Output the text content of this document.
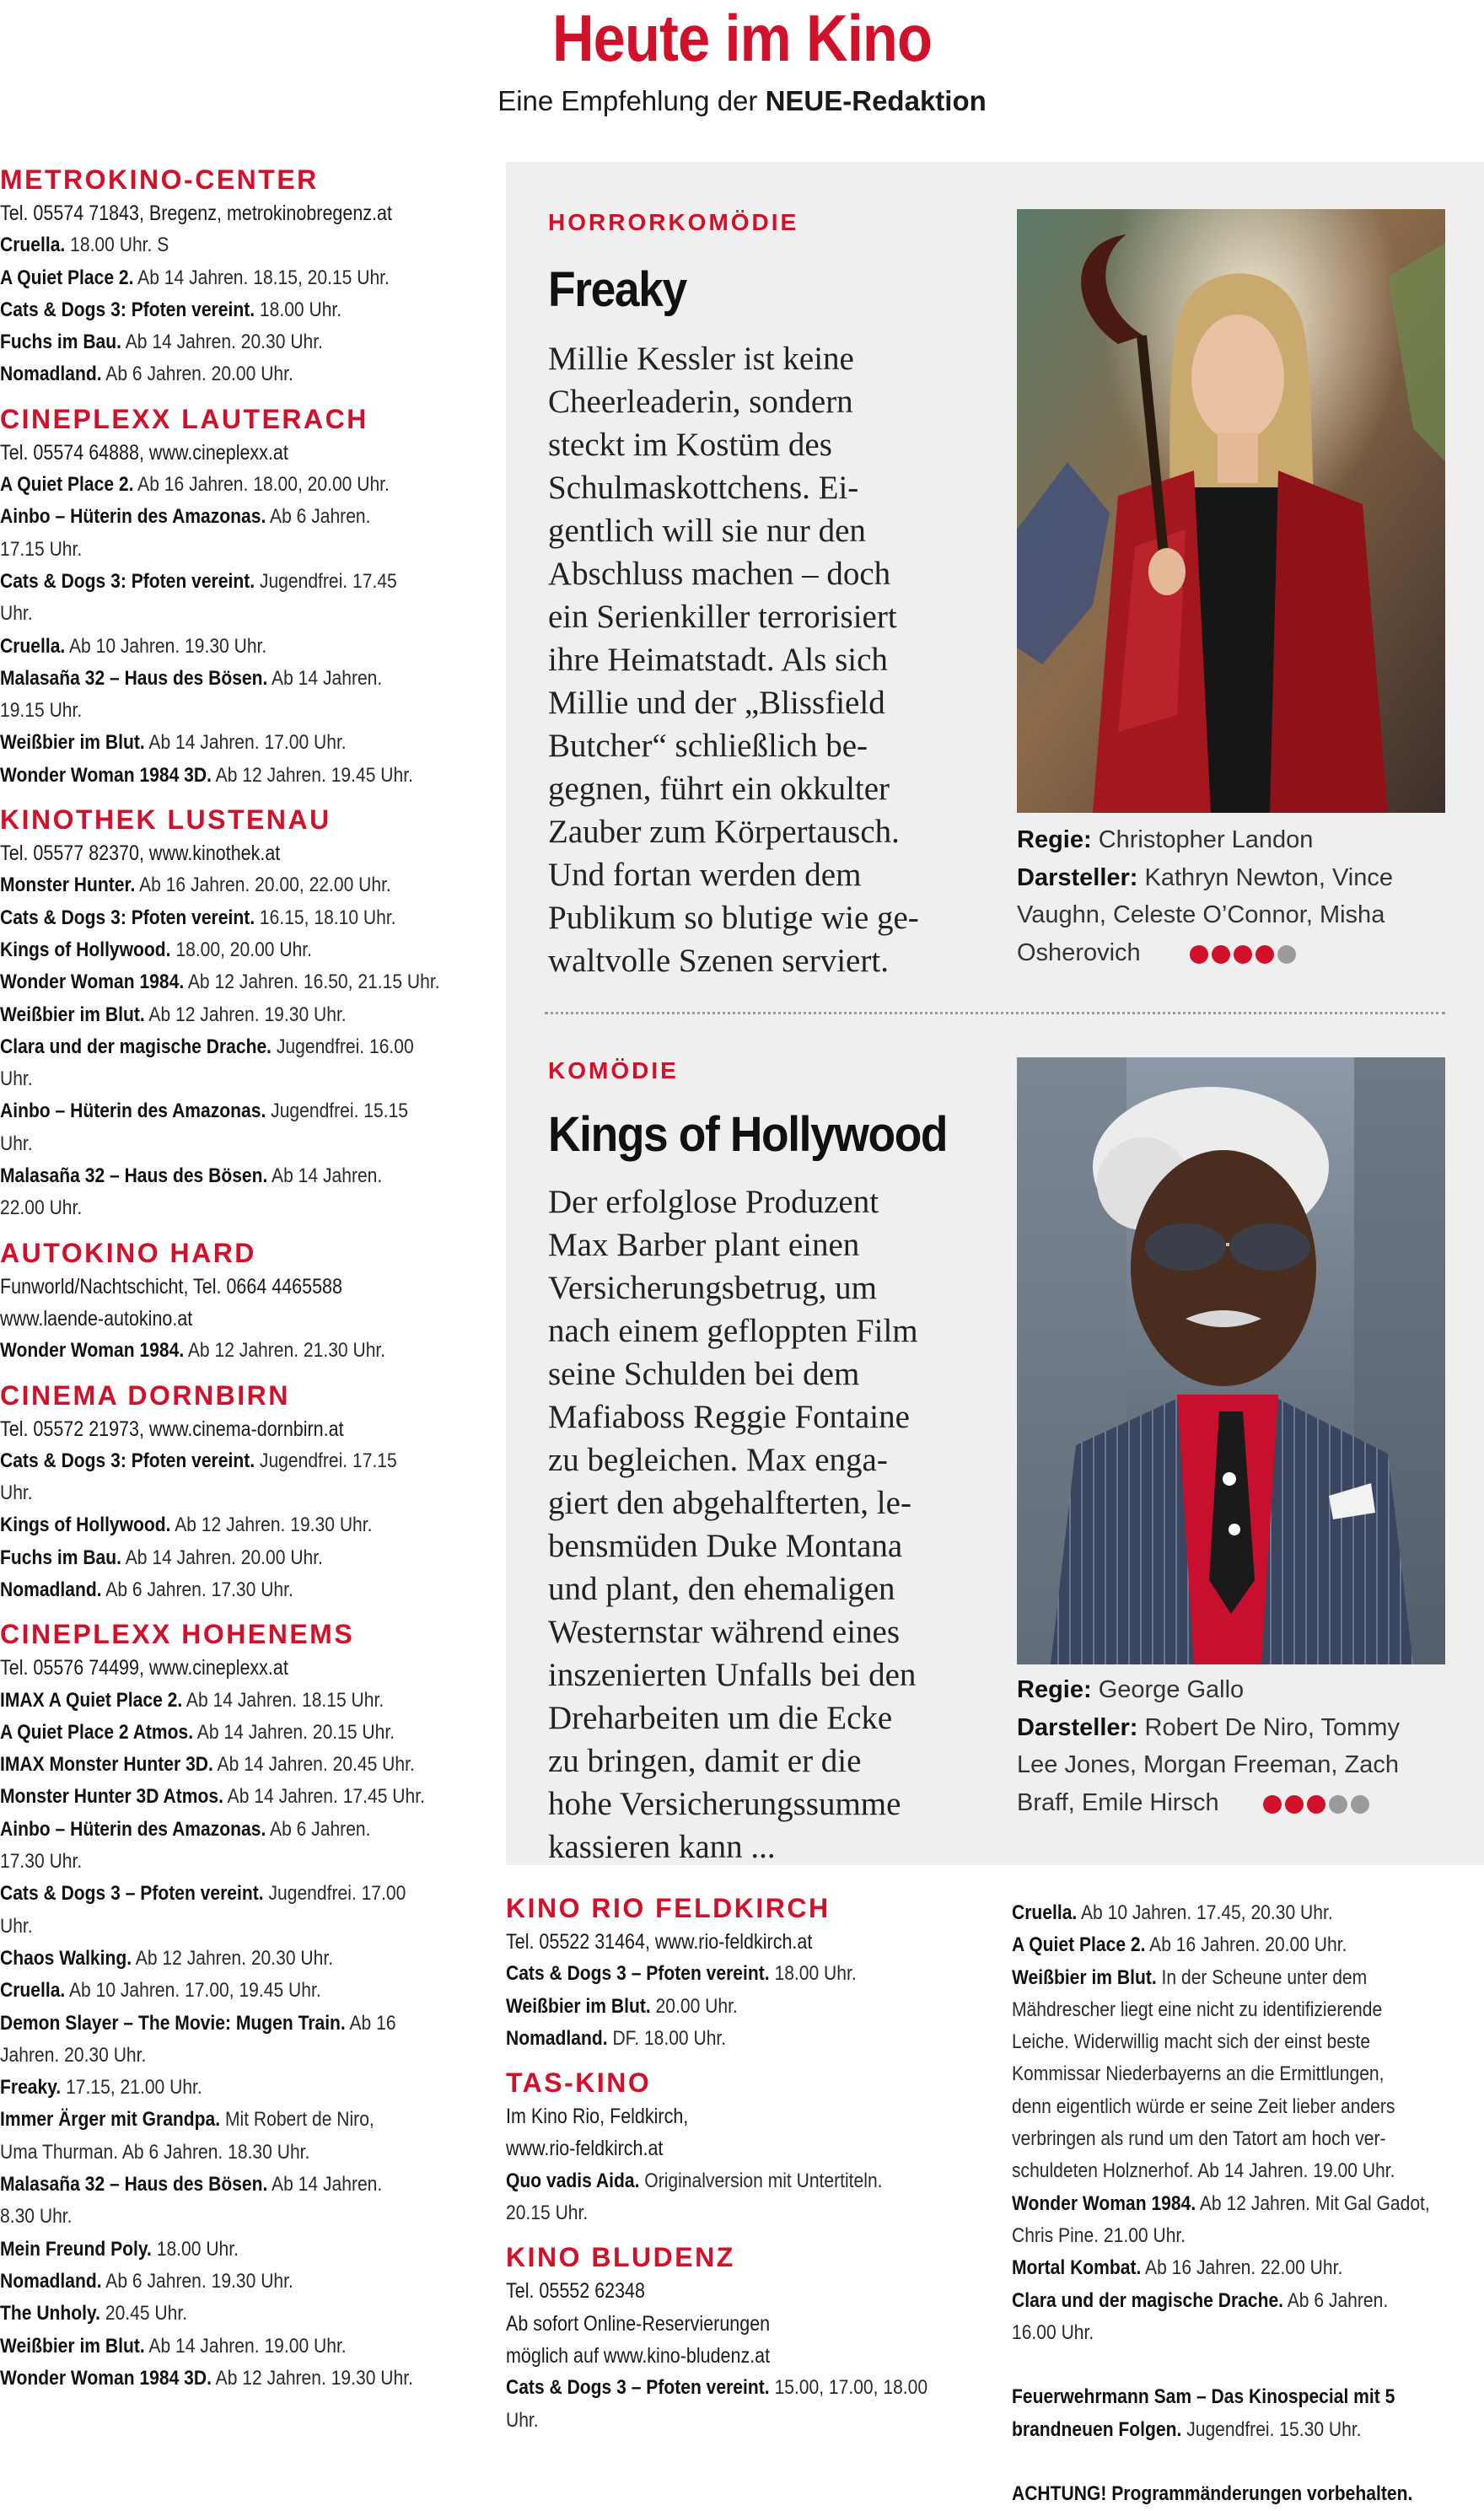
Heute im Kino
Eine Empfehlung der NEUE-Redaktion
METROKINO-CENTER
Tel. 05574 71843, Bregenz, metrokinobregenz.at
Cruella. 18.00 Uhr. S
A Quiet Place 2. Ab 14 Jahren. 18.15, 20.15 Uhr.
Cats & Dogs 3: Pfoten vereint. 18.00 Uhr.
Fuchs im Bau. Ab 14 Jahren. 20.30 Uhr.
Nomadland. Ab 6 Jahren. 20.00 Uhr.
CINEPLEXX LAUTERACH
Tel. 05574 64888, www.cineplexx.at
A Quiet Place 2. Ab 16 Jahren. 18.00, 20.00 Uhr.
Ainbo – Hüterin des Amazonas. Ab 6 Jahren.
17.15 Uhr.
Cats & Dogs 3: Pfoten vereint. Jugendfrei. 17.45
Uhr.
Cruella. Ab 10 Jahren. 19.30 Uhr.
Malasaña 32 – Haus des Bösen. Ab 14 Jahren.
19.15 Uhr.
Weißbier im Blut. Ab 14 Jahren. 17.00 Uhr.
Wonder Woman 1984 3D. Ab 12 Jahren. 19.45 Uhr.
KINOTHEK LUSTENAU
Tel. 05577 82370, www.kinothek.at
Monster Hunter. Ab 16 Jahren. 20.00, 22.00 Uhr.
Cats & Dogs 3: Pfoten vereint. 16.15, 18.10 Uhr.
Kings of Hollywood. 18.00, 20.00 Uhr.
Wonder Woman 1984. Ab 12 Jahren. 16.50, 21.15 Uhr.
Weißbier im Blut. Ab 12 Jahren. 19.30 Uhr.
Clara und der magische Drache. Jugendfrei. 16.00
Uhr.
Ainbo – Hüterin des Amazonas. Jugendfrei. 15.15
Uhr.
Malasaña 32 – Haus des Bösen. Ab 14 Jahren.
22.00 Uhr.
AUTOKINO HARD
Funworld/Nachtschicht, Tel. 0664 4465588
www.laende-autokino.at
Wonder Woman 1984. Ab 12 Jahren. 21.30 Uhr.
CINEMA DORNBIRN
Tel. 05572 21973, www.cinema-dornbirn.at
Cats & Dogs 3: Pfoten vereint. Jugendfrei. 17.15
Uhr.
Kings of Hollywood. Ab 12 Jahren. 19.30 Uhr.
Fuchs im Bau. Ab 14 Jahren. 20.00 Uhr.
Nomadland. Ab 6 Jahren. 17.30 Uhr.
CINEPLEXX HOHENEMS
Tel. 05576 74499, www.cineplexx.at
IMAX A Quiet Place 2. Ab 14 Jahren. 18.15 Uhr.
A Quiet Place 2 Atmos. Ab 14 Jahren. 20.15 Uhr.
IMAX Monster Hunter 3D. Ab 14 Jahren. 20.45 Uhr.
Monster Hunter 3D Atmos. Ab 14 Jahren. 17.45 Uhr.
Ainbo – Hüterin des Amazonas. Ab 6 Jahren.
17.30 Uhr.
Cats & Dogs 3 – Pfoten vereint. Jugendfrei. 17.00
Uhr.
Chaos Walking. Ab 12 Jahren. 20.30 Uhr.
Cruella. Ab 10 Jahren. 17.00, 19.45 Uhr.
Demon Slayer – The Movie: Mugen Train. Ab 16
Jahren. 20.30 Uhr.
Freaky. 17.15, 21.00 Uhr.
Immer Ärger mit Grandpa. Mit Robert de Niro,
Uma Thurman. Ab 6 Jahren. 18.30 Uhr.
Malasaña 32 – Haus des Bösen. Ab 14 Jahren.
8.30 Uhr.
Mein Freund Poly. 18.00 Uhr.
Nomadland. Ab 6 Jahren. 19.30 Uhr.
The Unholy. 20.45 Uhr.
Weißbier im Blut. Ab 14 Jahren. 19.00 Uhr.
Wonder Woman 1984 3D. Ab 12 Jahren. 19.30 Uhr.
HORRORKOMÖDIE
Freaky
Millie Kessler ist keine
Cheerleaderin, sondern
steckt im Kostüm des
Schulmaskottchens. Ei-
gentlich will sie nur den
Abschluss machen – doch
ein Serienkiller terrorisiert
ihre Heimatstadt. Als sich
Millie und der „Blissfield
Butcher“ schließlich be-
gegnen, führt ein okkulter
Zauber zum Körpertausch.
Und fortan werden dem
Publikum so blutige wie ge-
waltvolle Szenen serviert.
Regie: Christopher Landon
Darsteller: Kathryn Newton, Vince
Vaughn, Celeste O’Connor, Misha
Osherovich
KOMÖDIE
Kings of Hollywood
Der erfolglose Produzent
Max Barber plant einen
Versicherungsbetrug, um
nach einem gefloppten Film
seine Schulden bei dem
Mafiaboss Reggie Fontaine
zu begleichen. Max enga-
giert den abgehalfterten, le-
bensmüden Duke Montana
und plant, den ehemaligen
Westernstar während eines
inszenierten Unfalls bei den
Dreharbeiten um die Ecke
zu bringen, damit er die
hohe Versicherungssumme
kassieren kann ...
Regie: George Gallo
Darsteller: Robert De Niro, Tommy
Lee Jones, Morgan Freeman, Zach
Braff, Emile Hirsch
KINO RIO FELDKIRCH
Tel. 05522 31464, www.rio-feldkirch.at
Cats & Dogs 3 – Pfoten vereint. 18.00 Uhr.
Weißbier im Blut. 20.00 Uhr.
Nomadland. DF. 18.00 Uhr.
TAS-KINO
Im Kino Rio, Feldkirch,
www.rio-feldkirch.at
Quo vadis Aida. Originalversion mit Untertiteln.
20.15 Uhr.
KINO BLUDENZ
Tel. 05552 62348
Ab sofort Online-Reservierungen
möglich auf www.kino-bludenz.at
Cats & Dogs 3 – Pfoten vereint. 15.00, 17.00, 18.00
Uhr.
Cruella. Ab 10 Jahren. 17.45, 20.30 Uhr.
A Quiet Place 2. Ab 16 Jahren. 20.00 Uhr.
Weißbier im Blut. In der Scheune unter dem
Mähdrescher liegt eine nicht zu identifizierende
Leiche. Widerwillig macht sich der einst beste
Kommissar Niederbayerns an die Ermittlungen,
denn eigentlich würde er seine Zeit lieber anders
verbringen als rund um den Tatort am hoch ver-
schuldeten Holznerhof. Ab 14 Jahren. 19.00 Uhr.
Wonder Woman 1984. Ab 12 Jahren. Mit Gal Gadot,
Chris Pine. 21.00 Uhr.
Mortal Kombat. Ab 16 Jahren. 22.00 Uhr.
Clara und der magische Drache. Ab 6 Jahren.
16.00 Uhr.
Feuerwehrmann Sam – Das Kinospecial mit 5
brandneuen Folgen. Jugendfrei. 15.30 Uhr.
ACHTUNG! Programmänderungen vorbehalten.
